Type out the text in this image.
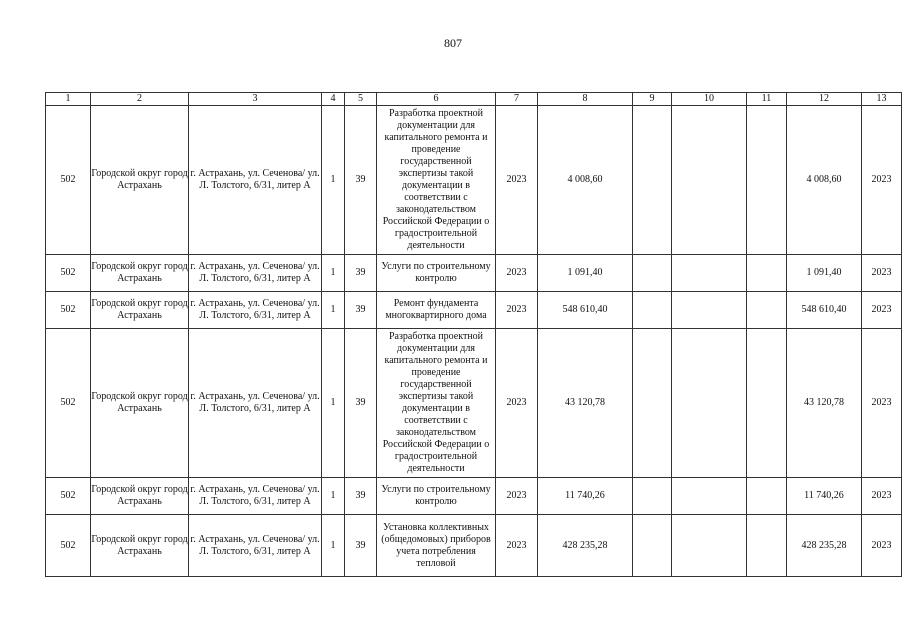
807
1	2	3	4	5	6	7	8	9	10	11	12	13
502	Городской округ город Астрахань	г. Астрахань, ул. Сеченова/ ул. Л. Толстого, 6/31, литер А	1	39	Разработка проектной документации для капитального ремонта и проведение государственной экспертизы такой документации в соответствии с законодательством Российской Федерации о градостроительной деятельности	2023	4 008,60				4 008,60	2023
502	Городской округ город Астрахань	г. Астрахань, ул. Сеченова/ ул. Л. Толстого, 6/31, литер А	1	39	Услуги по строительному контролю	2023	1 091,40				1 091,40	2023
502	Городской округ город Астрахань	г. Астрахань, ул. Сеченова/ ул. Л. Толстого, 6/31, литер А	1	39	Ремонт фундамента многоквартирного дома	2023	548 610,40				548 610,40	2023
502	Городской округ город Астрахань	г. Астрахань, ул. Сеченова/ ул. Л. Толстого, 6/31, литер А	1	39	Разработка проектной документации для капитального ремонта и проведение государственной экспертизы такой документации в соответствии с законодательством Российской Федерации о градостроительной деятельности	2023	43 120,78				43 120,78	2023
502	Городской округ город Астрахань	г. Астрахань, ул. Сеченова/ ул. Л. Толстого, 6/31, литер А	1	39	Услуги по строительному контролю	2023	11 740,26				11 740,26	2023
502	Городской округ город Астрахань	г. Астрахань, ул. Сеченова/ ул. Л. Толстого, 6/31, литер А	1	39	Установка коллективных (общедомовых) приборов учета потребления тепловой	2023	428 235,28				428 235,28	2023
